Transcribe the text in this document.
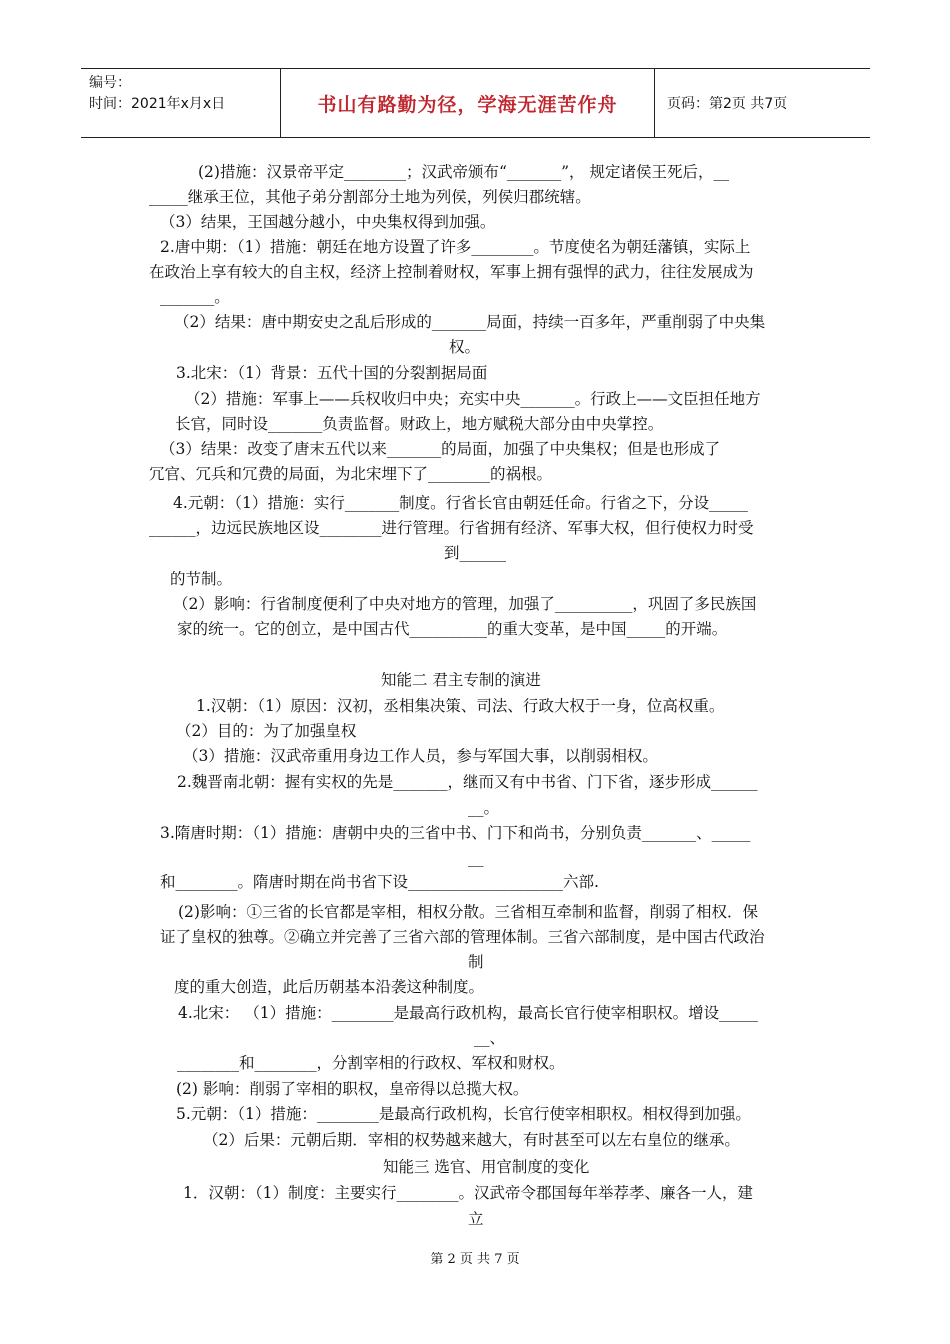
编号：
时间：2021年x月x日	书山有路勤为径，学海无涯苦作舟	页码：第2页 共7页
(2)措施：汉景帝平定________；汉武帝颁布“_______”， 规定诸侯王死后，__
_____继承王位，其他子弟分割部分土地为列侯，列侯归郡统辖。
（3）结果，王国越分越小，中央集权得到加强。
2.唐中期：（1）措施：朝廷在地方设置了许多________。节度使名为朝廷藩镇，实际上
在政治上享有较大的自主权，经济上控制着财权，军事上拥有强悍的武力，往往发展成为
_______。
（2）结果：唐中期安史之乱后形成的_______局面，持续一百多年，严重削弱了中央集
权。
3.北宋：（1）背景：五代十国的分裂割据局面
（2）措施：军事上——兵权收归中央；充实中央_______。行政上——文臣担任地方
长官，同时设_______负责监督。财政上，地方赋税大部分由中央掌控。
（3）结果：改变了唐末五代以来_______的局面，加强了中央集权；但是也形成了
冗官、冗兵和冗费的局面，为北宋埋下了________的祸根。
4.元朝：（1）措施：实行_______制度。行省长官由朝廷任命。行省之下，分设_____
______，边远民族地区设________进行管理。行省拥有经济、军事大权，但行使权力时受
到______
的节制。
（2）影响：行省制度便利了中央对地方的管理，加强了__________，巩固了多民族国
家的统一。它的创立，是中国古代__________的重大变革，是中国_____的开端。
知能二 君主专制的演进
1.汉朝：（1）原因：汉初，丞相集决策、司法、行政大权于一身，位高权重。
（2）目的：为了加强皇权
（3）措施：汉武帝重用身边工作人员，参与军国大事，以削弱相权。
2.魏晋南北朝：握有实权的先是_______，继而又有中书省、门下省，逐步形成______
__。
3.隋唐时期：（1）措施：唐朝中央的三省中书、门下和尚书，分别负责_______、_____
__
和________。隋唐时期在尚书省下设____________________六部.
(2)影响：①三省的长官都是宰相，相权分散。三省相互牵制和监督，削弱了相权．保
证了皇权的独尊。②确立并完善了三省六部的管理体制。三省六部制度，是中国古代政治
制
度的重大创造，此后历朝基本沿袭这种制度。
4.北宋： （1）措施：________是最高行政机构，最高长官行使宰相职权。增设_____
__、
________和________，分割宰相的行政权、军权和财权。
(2) 影响：削弱了宰相的职权，皇帝得以总揽大权。
5.元朝：（1）措施：________是最高行政机构，长官行使宰相职权。相权得到加强。
（2）后果：元朝后期．宰相的权势越来越大，有时甚至可以左右皇位的继承。
知能三 选官、用官制度的变化
1．汉朝：（1）制度：主要实行________。汉武帝令郡国每年举荐孝、廉各一人，建
立
第 2 页 共 7 页
